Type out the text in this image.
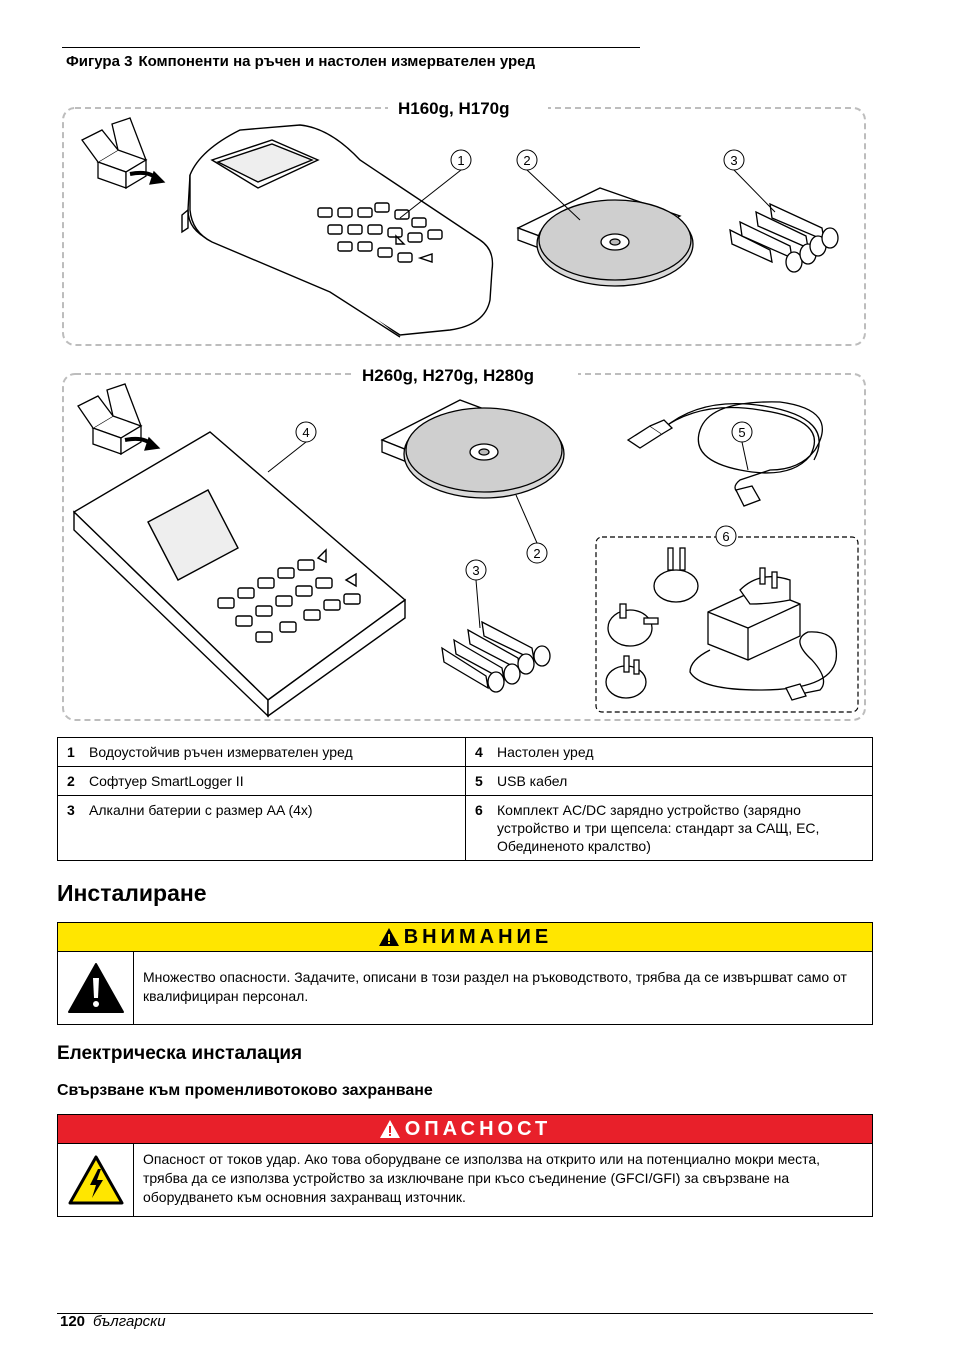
Фигура 3 Компоненти на ръчен и настолен измервателен уред
H160g, H170g
H260g, H270g, H280g
1	2	3
4	5
2
3
6
1 Водоустойчив ръчен измервателен уред	4 Настолен уред
2 Софтуер SmartLogger II	5 USB кабел
3 Алкални батерии с размер AA (4x)	6 Комплект AC/DC зарядно устройство (зарядно устройство и три щепсела: стандарт за САЩ, ЕС, Обединеното кралство)
Инсталиране
ВНИМАНИЕ
Множество опасности. Задачите, описани в този раздел на ръководството, трябва да се извършват само от квалифициран персонал.
Електрическа инсталация
Свързване към променливотоково захранване
ОПАСНОСТ
Опасност от токов удар. Ако това оборудване се използва на открито или на потенциално мокри места, трябва да се използва устройство за изключване при късо съединение (GFCI/GFI) за свързване на оборудването към основния захранващ източник.
120 български
